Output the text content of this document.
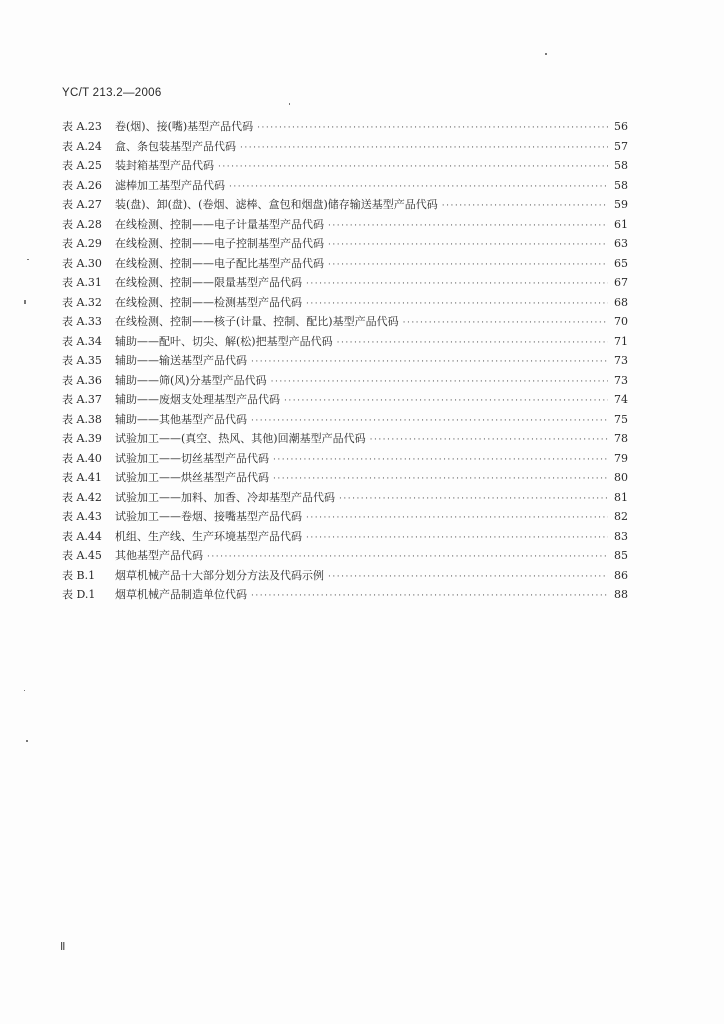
YC/T 213.2—2006
表 A.23	卷(烟)、接(嘴)基型产品代码 ·····	56
表 A.24	盒、条包装基型产品代码 ·····	57
表 A.25	装封箱基型产品代码 ·····	58
表 A.26	滤棒加工基型产品代码 ·····	58
表 A.27	装(盘)、卸(盘)、(卷烟、滤棒、盒包和烟盘)储存输送基型产品代码 ·····	59
表 A.28	在线检测、控制——电子计量基型产品代码 ·····	61
表 A.29	在线检测、控制——电子控制基型产品代码 ·····	63
表 A.30	在线检测、控制——电子配比基型产品代码 ·····	65
表 A.31	在线检测、控制——限量基型产品代码 ·····	67
表 A.32	在线检测、控制——检测基型产品代码 ·····	68
表 A.33	在线检测、控制——核子(计量、控制、配比)基型产品代码 ·····	70
表 A.34	辅助——配叶、切尖、解(松)把基型产品代码 ·····	71
表 A.35	辅助——输送基型产品代码 ·····	73
表 A.36	辅助——筛(风)分基型产品代码 ·····	73
表 A.37	辅助——废烟支处理基型产品代码 ·····	74
表 A.38	辅助——其他基型产品代码 ·····	75
表 A.39	试验加工——(真空、热风、其他)回潮基型产品代码 ·····	78
表 A.40	试验加工——切丝基型产品代码 ·····	79
表 A.41	试验加工——烘丝基型产品代码 ·····	80
表 A.42	试验加工——加料、加香、冷却基型产品代码 ·····	81
表 A.43	试验加工——卷烟、接嘴基型产品代码 ·····	82
表 A.44	机组、生产线、生产环境基型产品代码 ·····	83
表 A.45	其他基型产品代码 ·····	85
表 B.1	烟草机械产品十大部分划分方法及代码示例 ·····	86
表 D.1	烟草机械产品制造单位代码 ·····	88
Ⅱ
